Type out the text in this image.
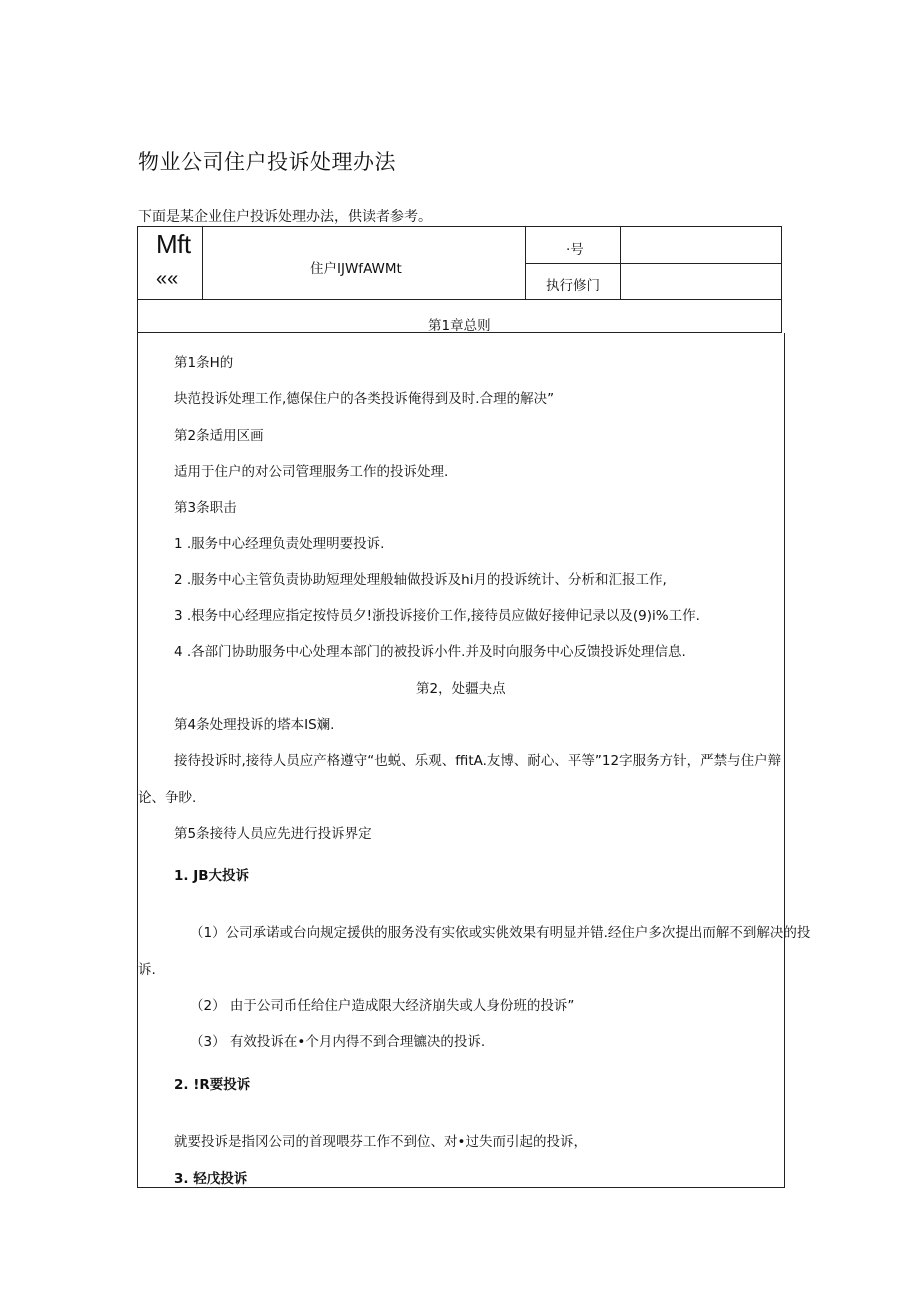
物业公司住户投诉处理办法
下面是某企业住户投诉处理办法，供读者参考。
Mft
««	住户IJWfAWMt
·号
执行修门
第1章总则
第1条H的
块范投诉处理工作,德保住户的各类投诉俺得到及时.合理的解决”
第2条适用区画
适用于住户的对公司管理服务工作的投诉处理.
第3条职击
1 .服务中心经理负责处理明要投诉.
2 .服务中心主管负责协助短理处理般轴做投诉及hi月的投诉统计、分析和汇报工作,
3 .根务中心经理应指定按恃员夕!浙投诉接价工作,接待员应做好接伸记录以及(9)i%工作.
4 .各部门协助服务中心处理本部门的被投诉小件.并及时向服务中心反馈投诉处理信息.
第2，处疆夬点
第4条处理投诉的塔本IS斓.
接待投诉时,接待人员应产格遵守“也蜕、乐观、ffitA.友博、耐心、平等”12字服务方针，严禁与住户辩
论、争眇.
第5条接待人员应先进行投诉界定
1. JB大投诉
（1）公司承诺或台向规定援供的服务没有实依或实佻效果有明显并错.经住户多次提出而解不到解决的投
诉.
（2） 由于公司币任给住户造成限大经济崩失或人身份班的投诉”
（3） 有效投诉在•个月内得不到合理镳决的投诉.
2. !R要投诉
就要投诉是指冈公司的首现喂芬工作不到位、对•过失而引起的投诉，
3. 轻戊投诉
